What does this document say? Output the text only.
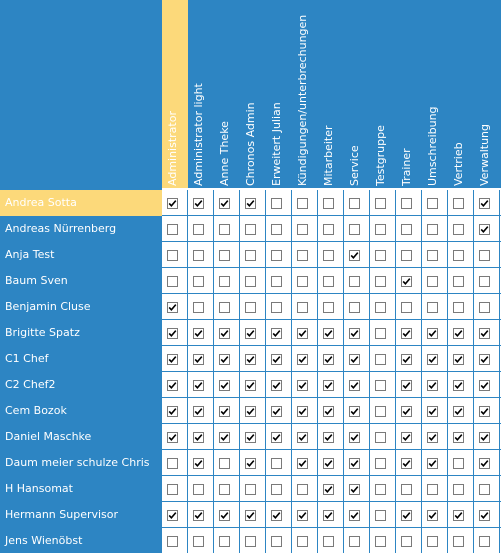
Administrator Administrator light Anne Theke Chronos Admin Erweitert Julian Kündigungen/unterbrechungen Mitarbeiter Service Testgruppe Trainer Umschreibung Vertrieb Verwaltung
Andrea Sotta
Andreas Nürrenberg
Anja Test
Baum Sven
Benjamin Cluse
Brigitte Spatz
C1 Chef
C2 Chef2
Cem Bozok
Daniel Maschke
Daum meier schulze Chris
H Hansomat
Hermann Supervisor
Jens Wienöbst
